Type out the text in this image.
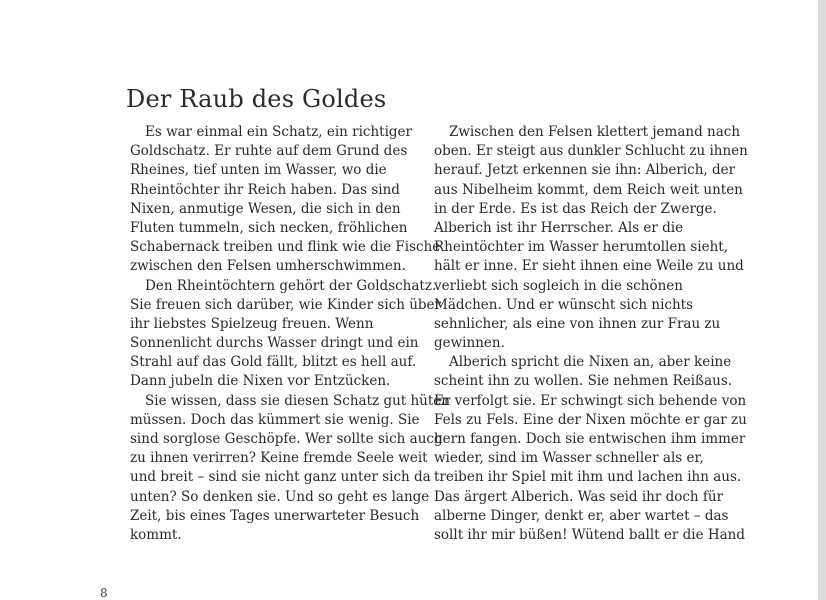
Der Raub des Goldes
Es war einmal ein Schatz, ein richtiger
Goldschatz. Er ruhte auf dem Grund des
Rheines, tief unten im Wasser, wo die
Rheintöchter ihr Reich haben. Das sind
Nixen, anmutige Wesen, die sich in den
Fluten tummeln, sich necken, fröhlichen
Schabernack treiben und flink wie die Fische
zwischen den Felsen umherschwimmen.
Den Rheintöchtern gehört der Goldschatz.
Sie freuen sich darüber, wie Kinder sich über
ihr liebstes Spielzeug freuen. Wenn
Sonnenlicht durchs Wasser dringt und ein
Strahl auf das Gold fällt, blitzt es hell auf.
Dann jubeln die Nixen vor Entzücken.
Sie wissen, dass sie diesen Schatz gut hüten
müssen. Doch das kümmert sie wenig. Sie
sind sorglose Geschöpfe. Wer sollte sich auch
zu ihnen verirren? Keine fremde Seele weit
und breit – sind sie nicht ganz unter sich da
unten? So denken sie. Und so geht es lange
Zeit, bis eines Tages unerwarteter Besuch
kommt.
Zwischen den Felsen klettert jemand nach
oben. Er steigt aus dunkler Schlucht zu ihnen
herauf. Jetzt erkennen sie ihn: Alberich, der
aus Nibelheim kommt, dem Reich weit unten
in der Erde. Es ist das Reich der Zwerge.
Alberich ist ihr Herrscher. Als er die
Rheintöchter im Wasser herumtollen sieht,
hält er inne. Er sieht ihnen eine Weile zu und
verliebt sich sogleich in die schönen
Mädchen. Und er wünscht sich nichts
sehnlicher, als eine von ihnen zur Frau zu
gewinnen.
Alberich spricht die Nixen an, aber keine
scheint ihn zu wollen. Sie nehmen Reißaus.
Er verfolgt sie. Er schwingt sich behende von
Fels zu Fels. Eine der Nixen möchte er gar zu
gern fangen. Doch sie entwischen ihm immer
wieder, sind im Wasser schneller als er,
treiben ihr Spiel mit ihm und lachen ihn aus.
Das ärgert Alberich. Was seid ihr doch für
alberne Dinger, denkt er, aber wartet – das
sollt ihr mir büßen! Wütend ballt er die Hand
8
